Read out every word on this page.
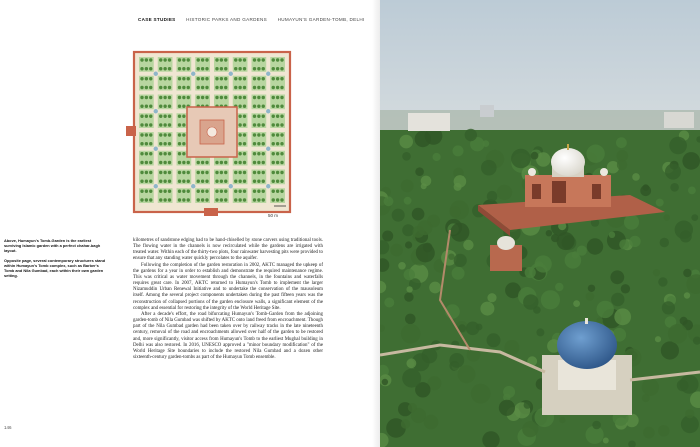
CASE STUDIES HISTORIC PARKS AND GARDENS HUMAYUN'S GARDEN-TOMB, DELHI
50 m

Above, Humayun's Tomb-Garden is the earliest surviving Islamic garden with a perfect chahar-bagh layout.

Opposite page, several contemporary structures stand within Humayun's Tomb complex, such as Barber's Tomb and Nila Gumbad, each within their own garden setting.

kilometres of sandstone edging had to be hand-chiselled by stone carvers using traditional tools. The flowing water in the channels is now recirculated while the gardens are irrigated with treated water. Within each of the thirty-two plots, four rainwater harvesting pits were provided to ensure that any standing water quickly percolates to the aquifer.

Following the completion of the garden restoration in 2002, AKTC managed the upkeep of the gardens for a year in order to establish and demonstrate the required maintenance regime. This was critical as water movement through the channels, in the fountains and waterfalls requires great care. In 2007, AKTC returned to Humayun's Tomb to implement the larger Nizamuddin Urban Renewal Initiative and to undertake the conservation of the mausoleum itself. Among the several project components undertaken during the past fifteen years was the reconstruction of collapsed portions of the garden enclosure walls, a significant element of the complex and essential for restoring the integrity of the World Heritage Site.

After a decade's effort, the road bifurcating Humayun's Tomb-Garden from the adjoining garden-tomb of Nila Gumbad was shifted by AKTC onto land freed from encroachment. Though part of the Nila Gumbad garden had been taken over by railway tracks in the late nineteenth century, removal of the road and encroachments allowed over half of the garden to be restored and, more significantly, visitor access from Humayun's Tomb to the earliest Mughal building in Delhi was also restored. In 2016, UNESCO approved a "minor boundary modification" of the World Heritage Site boundaries to include the restored Nila Gumbad and a dozen other sixteenth-century garden-tombs as part of the Humayun Tomb ensemble.

146
